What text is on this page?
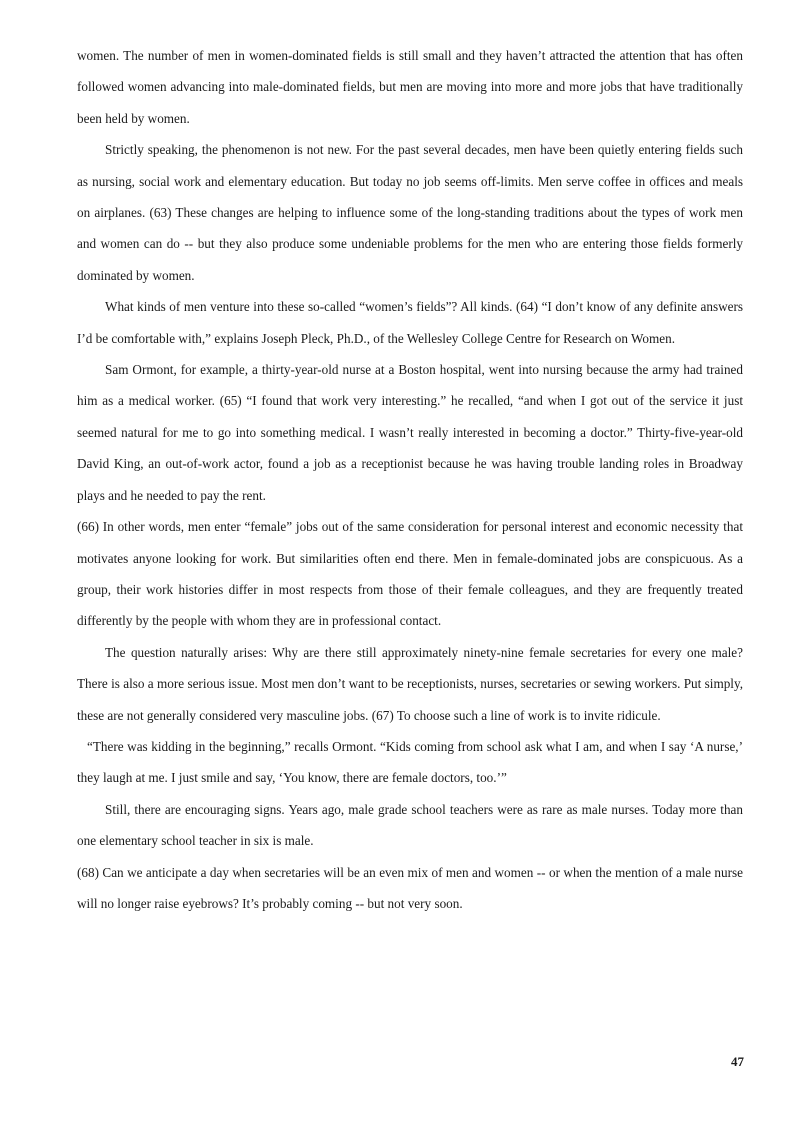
women. The number of men in women-dominated fields is still small and they haven’t attracted the attention that has often followed women advancing into male-dominated fields, but men are moving into more and more jobs that have traditionally been held by women.

Strictly speaking, the phenomenon is not new. For the past several decades, men have been quietly entering fields such as nursing, social work and elementary education. But today no job seems off-limits. Men serve coffee in offices and meals on airplanes. (63) These changes are helping to influence some of the long-standing traditions about the types of work men and women can do -- but they also produce some undeniable problems for the men who are entering those fields formerly dominated by women.

What kinds of men venture into these so-called “women’s fields”? All kinds. (64) “I don’t know of any definite answers I’d be comfortable with,” explains Joseph Pleck, Ph.D., of the Wellesley College Centre for Research on Women.

Sam Ormont, for example, a thirty-year-old nurse at a Boston hospital, went into nursing because the army had trained him as a medical worker. (65) “I found that work very interesting.” he recalled, “and when I got out of the service it just seemed natural for me to go into something medical. I wasn’t really interested in becoming a doctor.” Thirty-five-year-old David King, an out-of-work actor, found a job as a receptionist because he was having trouble landing roles in Broadway plays and he needed to pay the rent.

(66) In other words, men enter “female” jobs out of the same consideration for personal interest and economic necessity that motivates anyone looking for work. But similarities often end there. Men in female-dominated jobs are conspicuous. As a group, their work histories differ in most respects from those of their female colleagues, and they are frequently treated differently by the people with whom they are in professional contact.

The question naturally arises: Why are there still approximately ninety-nine female secretaries for every one male? There is also a more serious issue. Most men don’t want to be receptionists, nurses, secretaries or sewing workers. Put simply, these are not generally considered very masculine jobs. (67) To choose such a line of work is to invite ridicule.

“There was kidding in the beginning,” recalls Ormont. “Kids coming from school ask what I am, and when I say ‘A nurse,’ they laugh at me. I just smile and say, ‘You know, there are female doctors, too.’”

Still, there are encouraging signs. Years ago, male grade school teachers were as rare as male nurses. Today more than one elementary school teacher in six is male.

(68) Can we anticipate a day when secretaries will be an even mix of men and women -- or when the mention of a male nurse will no longer raise eyebrows? It’s probably coming -- but not very soon.

47
